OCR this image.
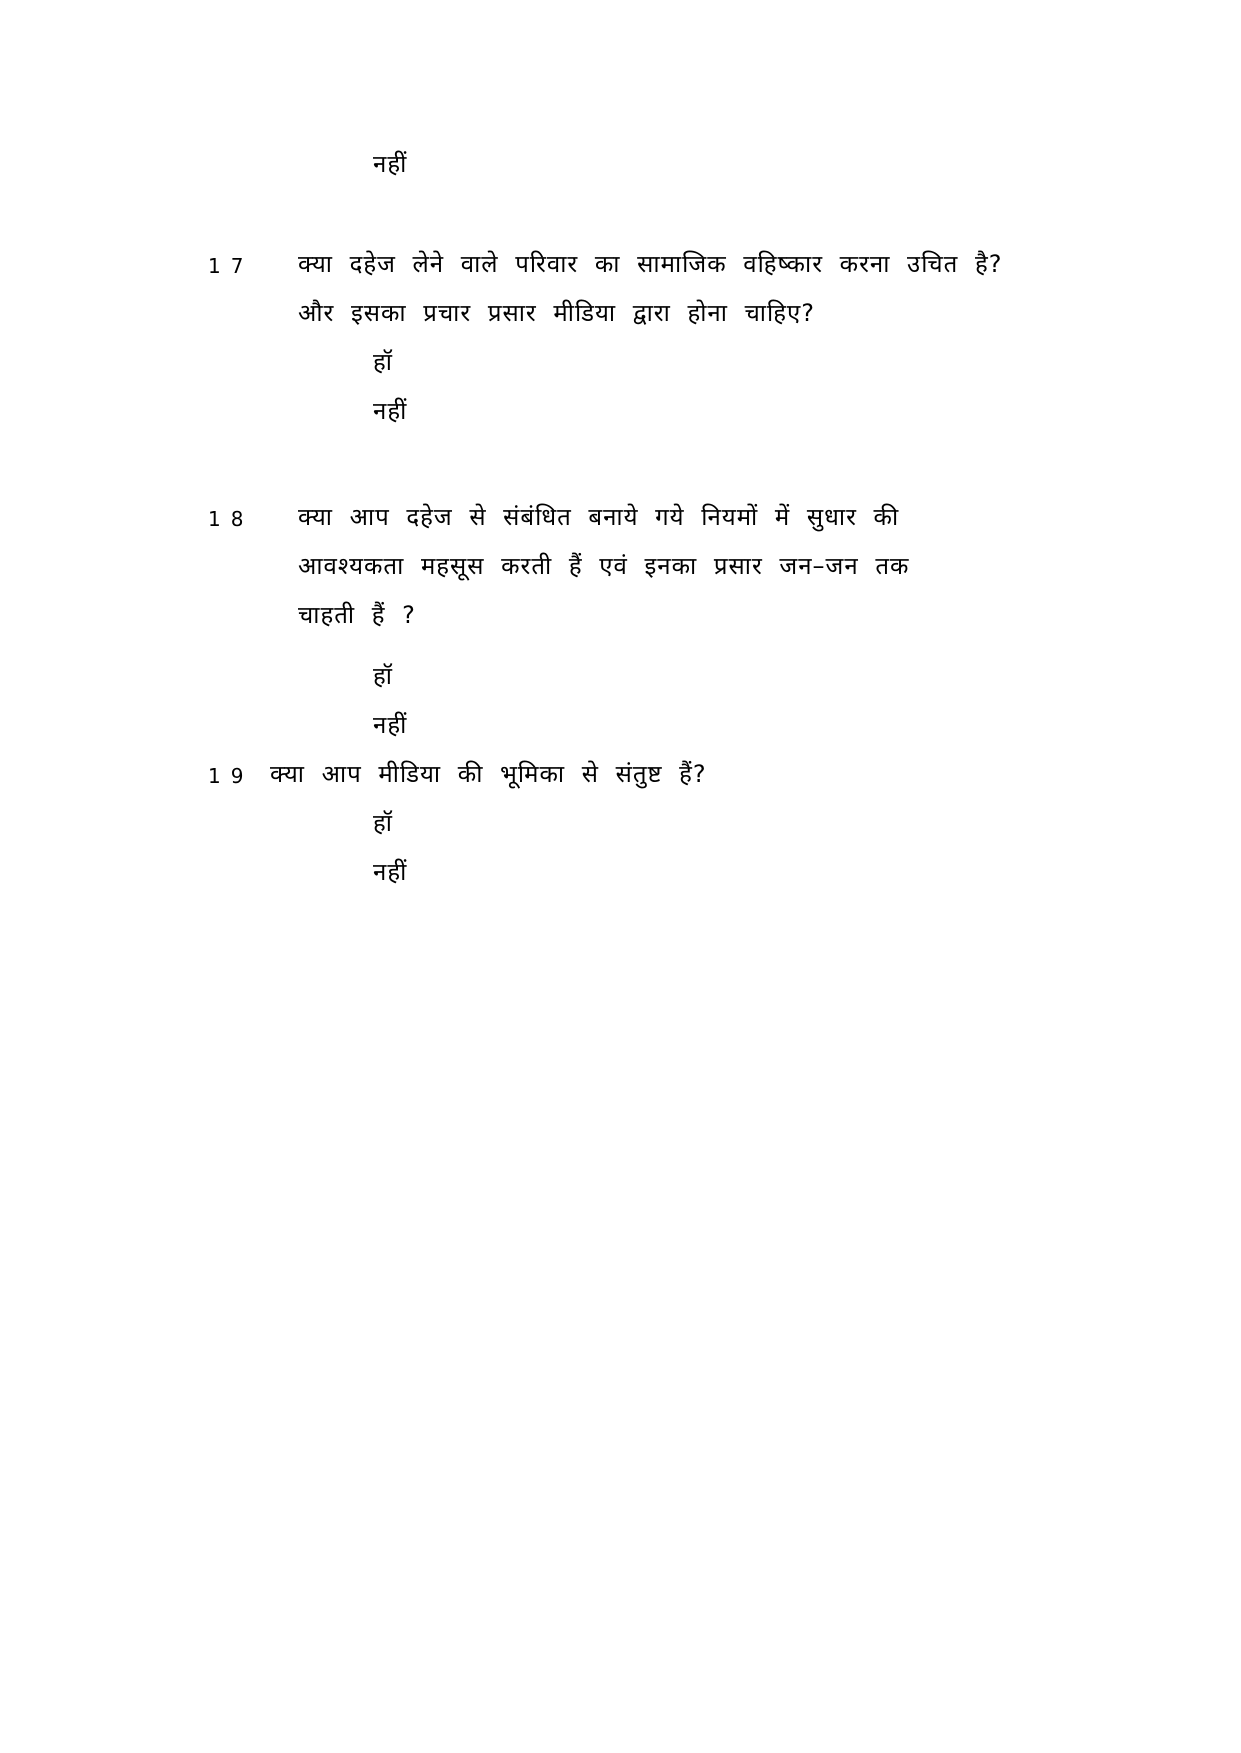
नहीं
17 क्या दहेज लेने वाले परिवार का सामाजिक वहिष्कार करना उचित है?
और इसका प्रचार प्रसार मीडिया द्वारा होना चाहिए?
हॉ
नहीं
18 क्या आप दहेज से संबंधित बनाये गये नियमों में सुधार की
आवश्यकता महसूस करती हैं एवं इनका प्रसार जन–जन तक
चाहती हैं ?
हॉ
नहीं
19 क्या आप मीडिया की भूमिका से संतुष्ट हैं?
हॉ
नहीं
